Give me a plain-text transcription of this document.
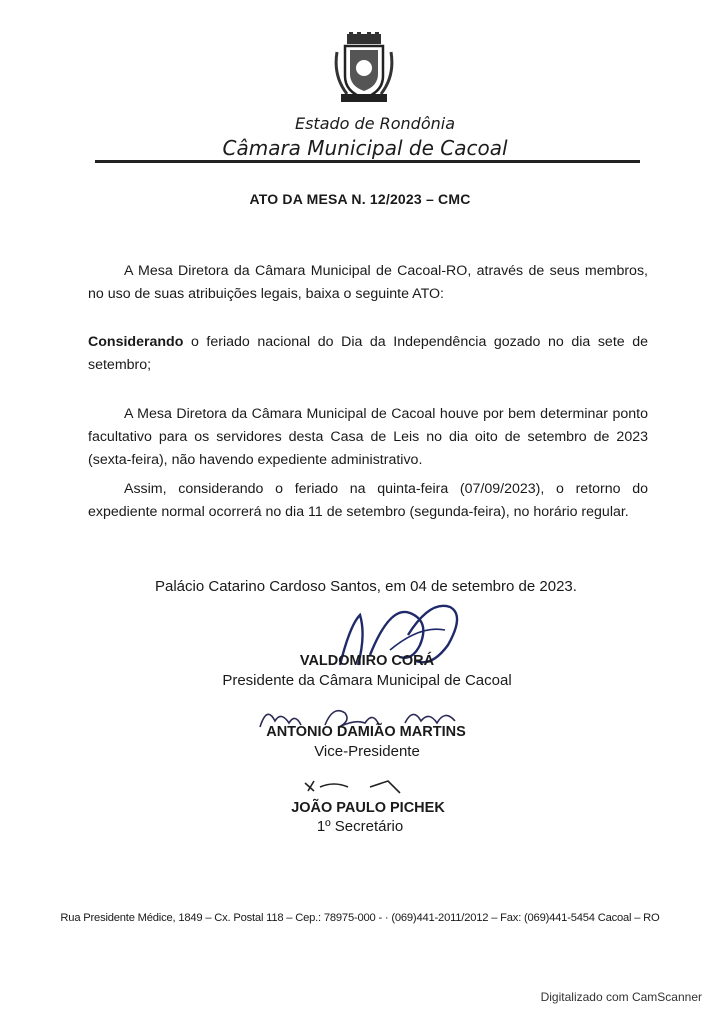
Estado de Rondônia
Câmara Municipal de Cacoal
ATO DA MESA N. 12/2023 – CMC
A Mesa Diretora da Câmara Municipal de Cacoal-RO, através de seus membros, no uso de suas atribuições legais, baixa o seguinte ATO:
Considerando o feriado nacional do Dia da Independência gozado no dia sete de setembro;
A Mesa Diretora da Câmara Municipal de Cacoal houve por bem determinar ponto facultativo para os servidores desta Casa de Leis no dia oito de setembro de 2023 (sexta-feira), não havendo expediente administrativo.
Assim, considerando o feriado na quinta-feira (07/09/2023), o retorno do expediente normal ocorrerá no dia 11 de setembro (segunda-feira), no horário regular.
Palácio Catarino Cardoso Santos, em 04 de setembro de 2023.
VALDOMIRO CORÁ
Presidente da Câmara Municipal de Cacoal
ANTONIO DAMIÃO MARTINS
Vice-Presidente
JOÃO PAULO PICHEK
1º Secretário
Rua Presidente Médice, 1849 – Cx. Postal 118 – Cep.: 78975-000 - · (069)441-2011/2012 – Fax: (069)441-5454 Cacoal – RO
Digitalizado com CamScanner
